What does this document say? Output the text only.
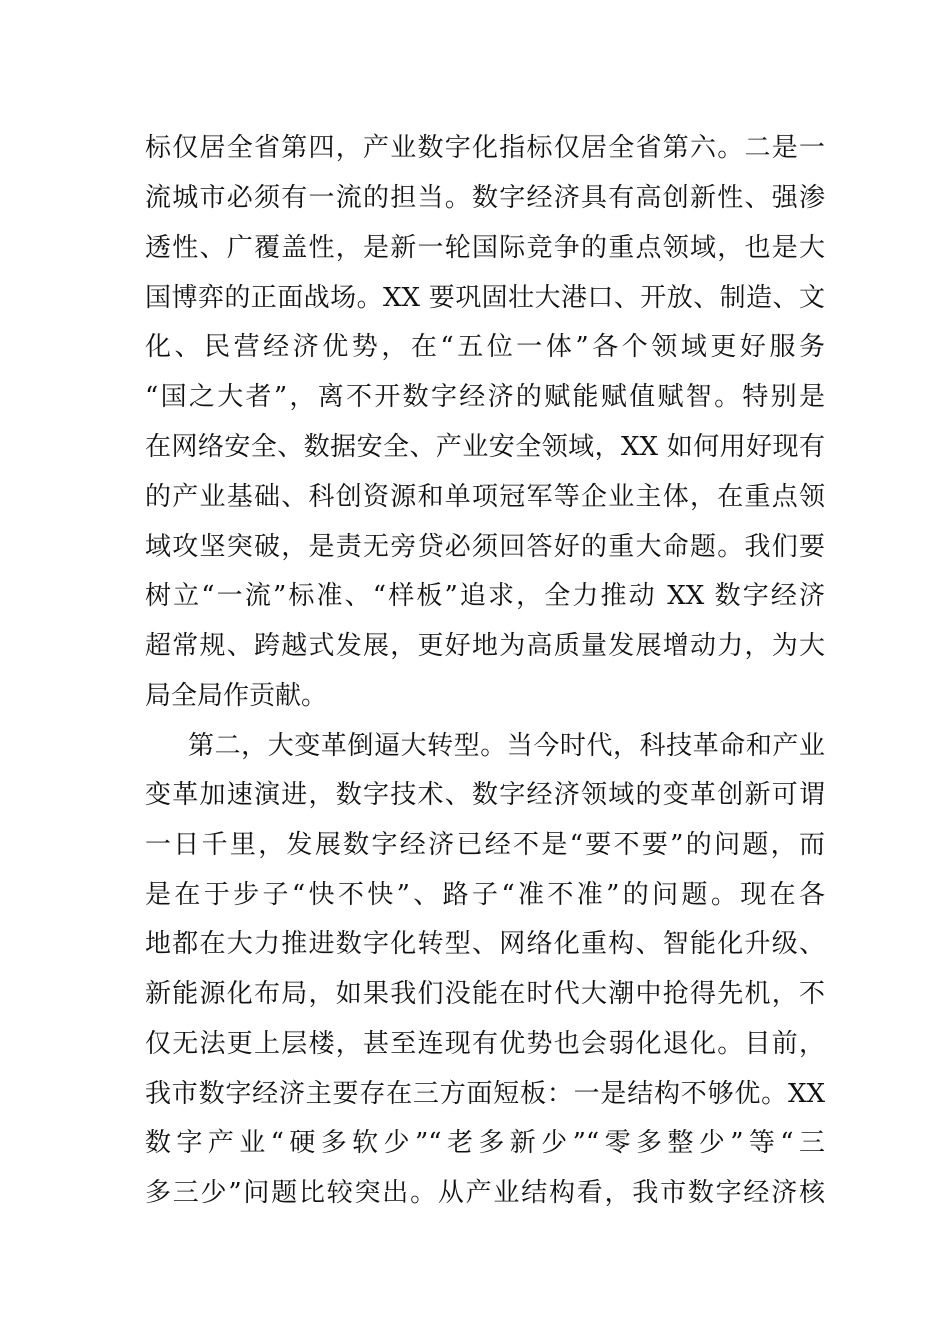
标仅居全省第四，产业数字化指标仅居全省第六。二是一
流城市必须有一流的担当。数字经济具有高创新性、强渗
透性、广覆盖性，是新一轮国际竞争的重点领域，也是大
国博弈的正面战场。XX 要巩固壮大港口、开放、制造、文
化、民营经济优势，在“五位一体”各个领域更好服务
“国之大者”，离不开数字经济的赋能赋值赋智。特别是
在网络安全、数据安全、产业安全领域，XX 如何用好现有
的产业基础、科创资源和单项冠军等企业主体，在重点领
域攻坚突破，是责无旁贷必须回答好的重大命题。我们要
树立“一流”标准、“样板”追求，全力推动 XX 数字经济
超常规、跨越式发展，更好地为高质量发展增动力，为大
局全局作贡献。
第二，大变革倒逼大转型。当今时代，科技革命和产业
变革加速演进，数字技术、数字经济领域的变革创新可谓
一日千里，发展数字经济已经不是“要不要”的问题，而
是在于步子“快不快”、路子“准不准”的问题。现在各
地都在大力推进数字化转型、网络化重构、智能化升级、
新能源化布局，如果我们没能在时代大潮中抢得先机，不
仅无法更上层楼，甚至连现有优势也会弱化退化。目前，
我市数字经济主要存在三方面短板：一是结构不够优。XX
数字产业“硬多软少”“老多新少”“零多整少”等“三
多三少”问题比较突出。从产业结构看，我市数字经济核
